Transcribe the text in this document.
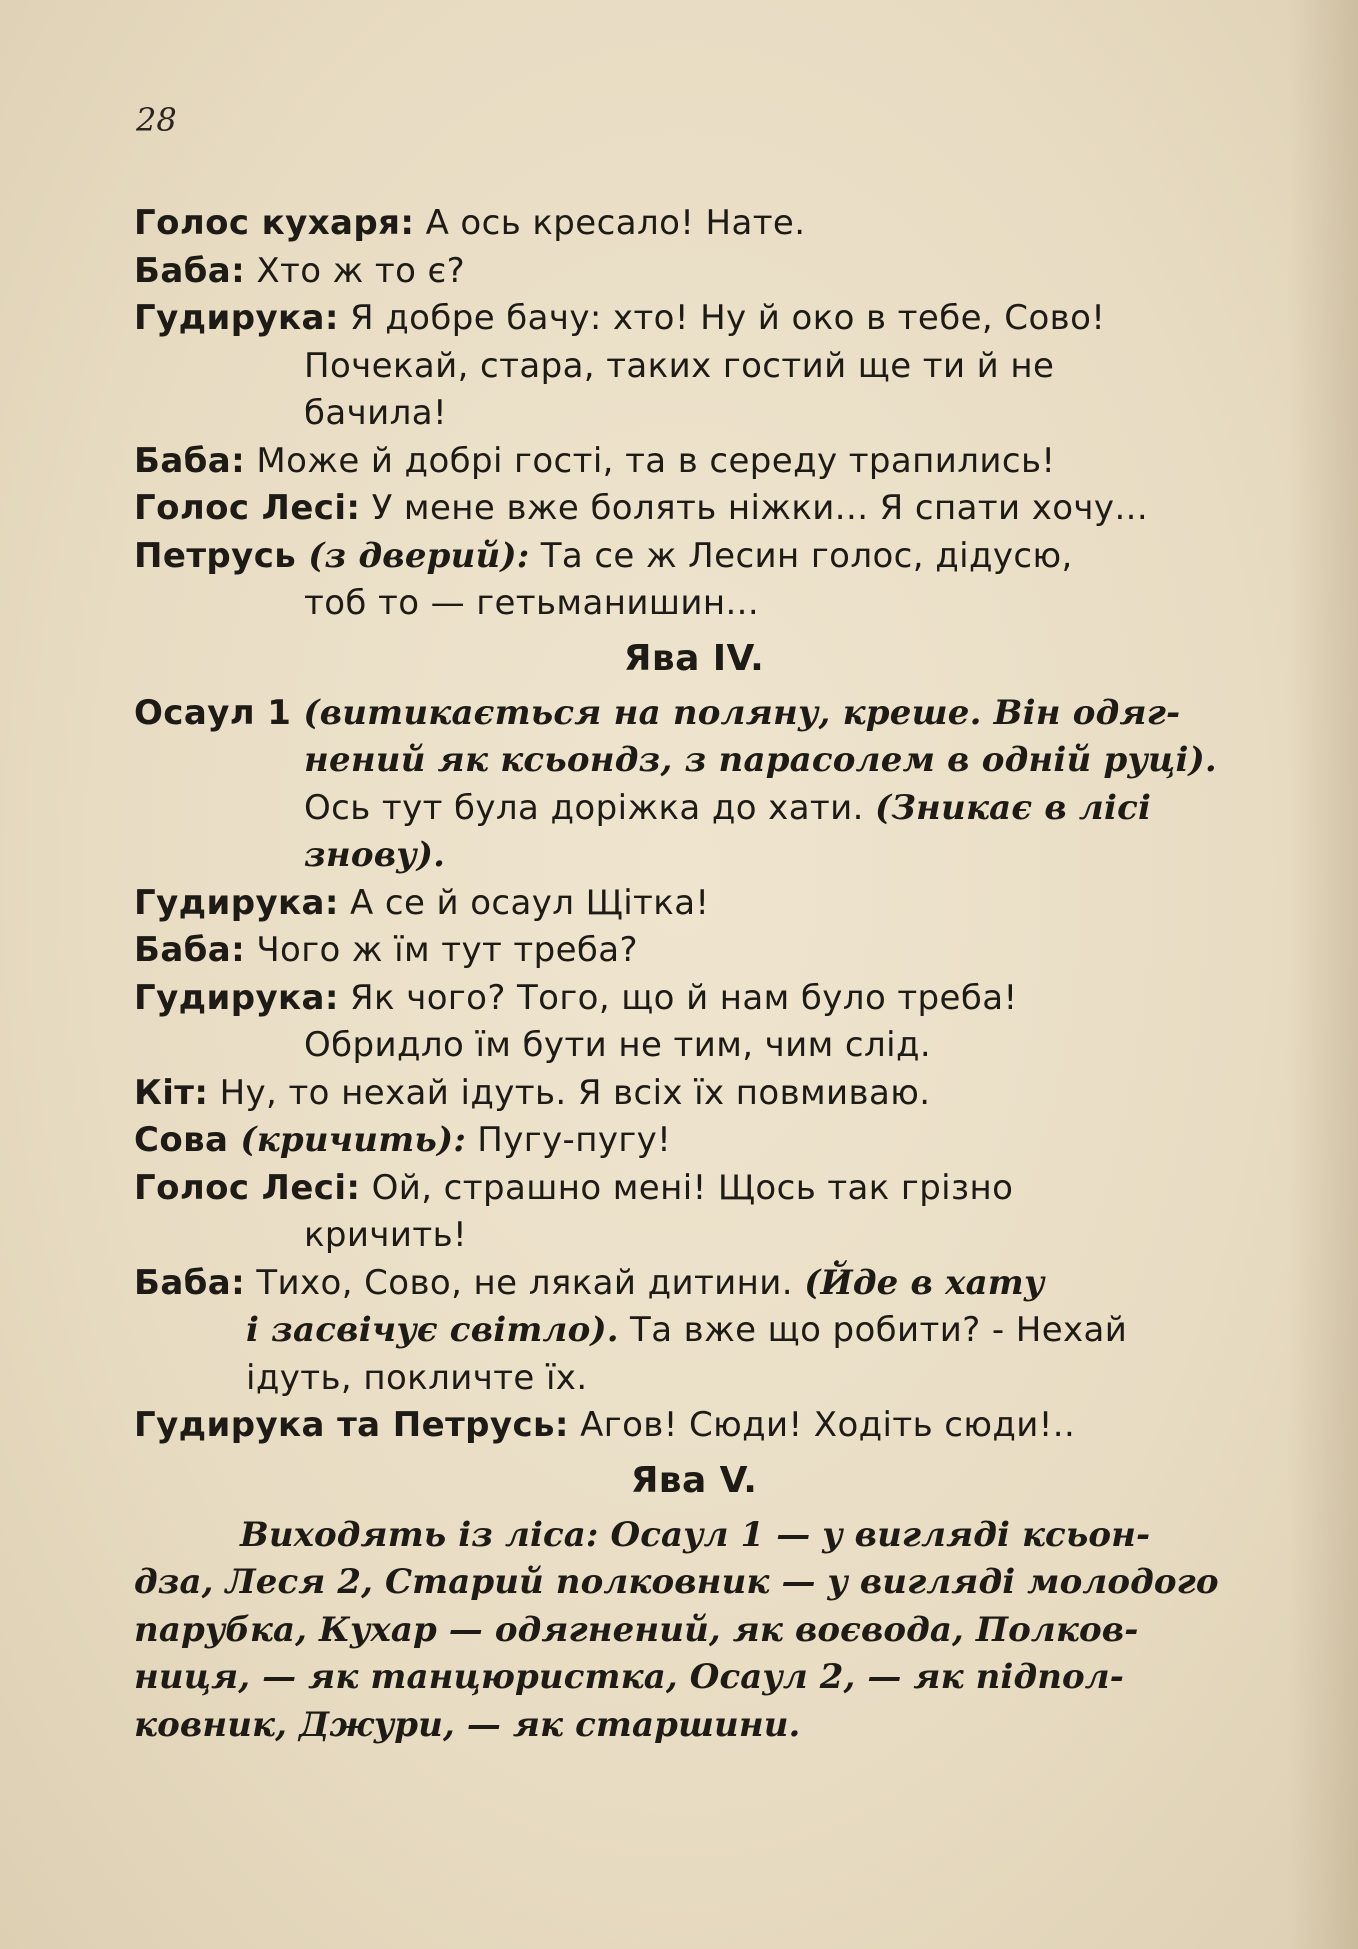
28
Голос кухаря: А ось кресало! Нате.
Баба: Хто ж то є?
Гудирука: Я добре бачу: хто! Ну й око в тебе, Сово!
Почекай, стара, таких гостий ще ти й не
бачила!
Баба: Може й добрі гості, та в середу трапились!
Голос Лесі: У мене вже болять ніжки... Я спати хочу...
Петрусь (з дверий): Та се ж Лесин голос, дідусю,
тоб то — гетьманишин...
Ява IV.
Осаул 1 (витикається на поляну, креше. Він одяг-
нений як ксьондз, з парасолем в одній руці).
Ось тут була доріжка до хати. (Зникає в лісі
знову).
Гудирука: А се й осаул Щітка!
Баба: Чого ж їм тут треба?
Гудирука: Як чого? Того, що й нам було треба!
Обридло їм бути не тим, чим слід.
Кіт: Ну, то нехай ідуть. Я всіх їх повмиваю.
Сова (кричить): Пугу-пугу!
Голос Лесі: Ой, страшно мені! Щось так грізно
кричить!
Баба: Тихо, Сово, не лякай дитини. (Йде в хату
і засвічує світло). Та вже що робити? - Нехай
ідуть, покличте їх.
Гудирука та Петрусь: Агов! Сюди! Ходіть сюди!..
Ява V.
Виходять із ліса: Осаул 1 — у вигляді ксьон-
дза, Леся 2, Старий полковник — у вигляді молодого
парубка, Кухар — одягнений, як воєвода, Полков-
ниця, — як танцюристка, Осаул 2, — як підпол-
ковник, Джури, — як старшини.
